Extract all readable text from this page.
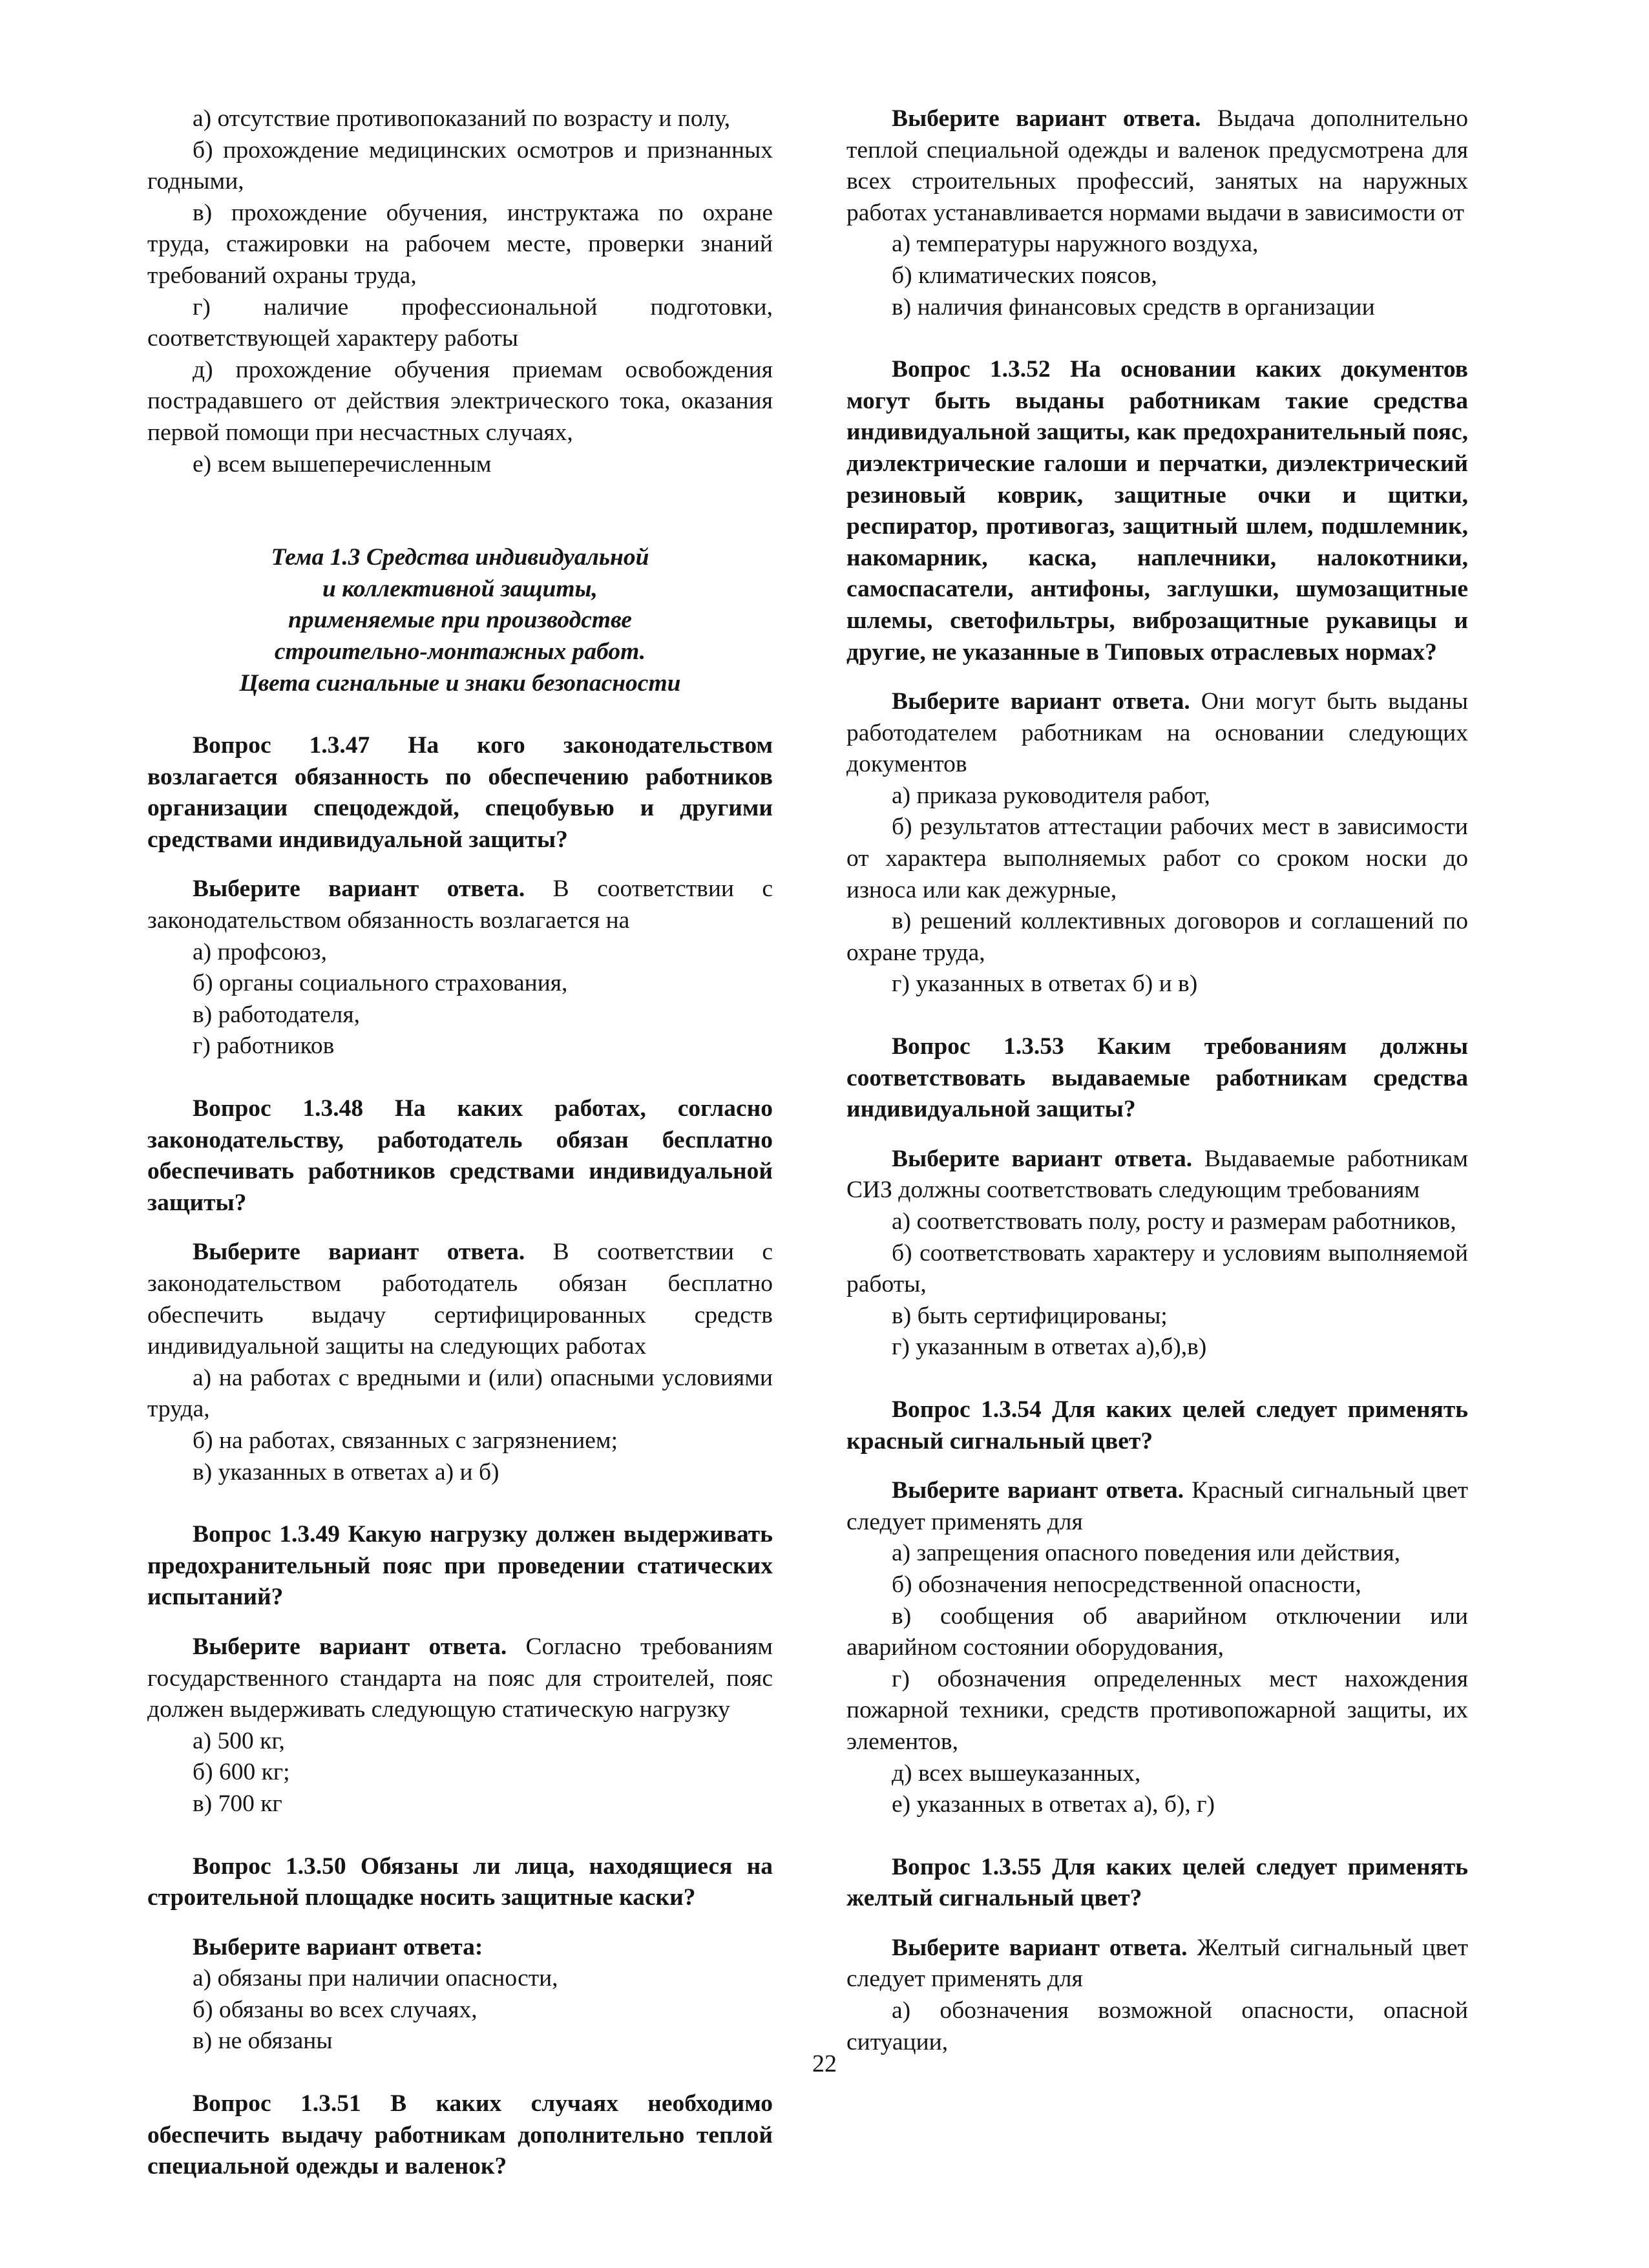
а) отсутствие противопоказаний по возрасту и полу,

б) прохождение медицинских осмотров и признанных годными,

в) прохождение обучения, инструктажа по охране труда, стажировки на рабочем месте, проверки знаний требований охраны труда,

г) наличие профессиональной подготовки, соответствующей характеру работы

д) прохождение обучения приемам освобождения пострадавшего от действия электрического тока, оказания первой помощи при несчастных случаях,

е) всем вышеперечисленным

Тема 1.3 Средства индивидуальной

и коллективной защиты,

применяемые при производстве

строительно-монтажных работ.

Цвета сигнальные и знаки безопасности

Вопрос 1.3.47 На кого законодательством возлагается обязанность по обеспечению работников организации спецодеждой, спецобувью и другими средствами индивидуальной защиты?

Выберите вариант ответа. В соответствии с законодательством обязанность возлагается на

а) профсоюз,

б) органы социального страхования,

в) работодателя,

г) работников

Вопрос 1.3.48 На каких работах, согласно законодательству, работодатель обязан бесплатно обеспечивать работников средствами индивидуальной защиты?

Выберите вариант ответа. В соответствии с законодательством работодатель обязан бесплатно обеспечить выдачу сертифицированных средств индивидуальной защиты на следующих работах

а) на работах с вредными и (или) опасными условиями труда,

б) на работах, связанных с загрязнением;

в) указанных в ответах а) и б)

Вопрос 1.3.49 Какую нагрузку должен выдерживать предохранительный пояс при проведении статических испытаний?

Выберите вариант ответа. Согласно требованиям государственного стандарта на пояс для строителей, пояс должен выдерживать следующую статическую нагрузку

а) 500 кг,

б) 600 кг;

в) 700 кг

Вопрос 1.3.50 Обязаны ли лица, находящиеся на строительной площадке носить защитные каски?

Выберите вариант ответа:

а) обязаны при наличии опасности,

б) обязаны во всех случаях,

в) не обязаны

Вопрос 1.3.51 В каких случаях необходимо обеспечить выдачу работникам дополнительно теплой специальной одежды и валенок?

Выберите вариант ответа. Выдача дополнительно теплой специальной одежды и валенок предусмотрена для всех строительных профессий, занятых на наружных работах устанавливается нормами выдачи в зависимости от

а) температуры наружного воздуха,

б) климатических поясов,

в) наличия финансовых средств в организации

Вопрос 1.3.52 На основании каких документов могут быть выданы работникам такие средства индивидуальной защиты, как предохранительный пояс, диэлектрические галоши и перчатки, диэлектрический резиновый коврик, защитные очки и щитки, респиратор, противогаз, защитный шлем, подшлемник, накомарник, каска, наплечники, налокотники, самоспасатели, антифоны, заглушки, шумозащитные шлемы, светофильтры, виброзащитные рукавицы и другие, не указанные в Типовых отраслевых нормах?

Выберите вариант ответа. Они могут быть выданы работодателем работникам на основании следующих документов

а) приказа руководителя работ,

б) результатов аттестации рабочих мест в зависимости от характера выполняемых работ со сроком носки до износа или как дежурные,

в) решений коллективных договоров и соглашений по охране труда,

г) указанных в ответах б) и в)

Вопрос 1.3.53 Каким требованиям должны соответствовать выдаваемые работникам средства индивидуальной защиты?

Выберите вариант ответа. Выдаваемые работникам СИЗ должны соответствовать следующим требованиям

а) соответствовать полу, росту и размерам работников,

б) соответствовать характеру и условиям выполняемой работы,

в) быть сертифицированы;

г) указанным в ответах а),б),в)

Вопрос 1.3.54 Для каких целей следует применять красный сигнальный цвет?

Выберите вариант ответа. Красный сигнальный цвет следует применять для

а) запрещения опасного поведения или действия,

б) обозначения непосредственной опасности,

в) сообщения об аварийном отключении или аварийном состоянии оборудования,

г) обозначения определенных мест нахождения пожарной техники, средств противопожарной защиты, их элементов,

д) всех вышеуказанных,

е) указанных в ответах а), б), г)

Вопрос 1.3.55 Для каких целей следует применять желтый сигнальный цвет?

Выберите вариант ответа. Желтый сигнальный цвет следует применять для

а) обозначения возможной опасности, опасной ситуации,

22
